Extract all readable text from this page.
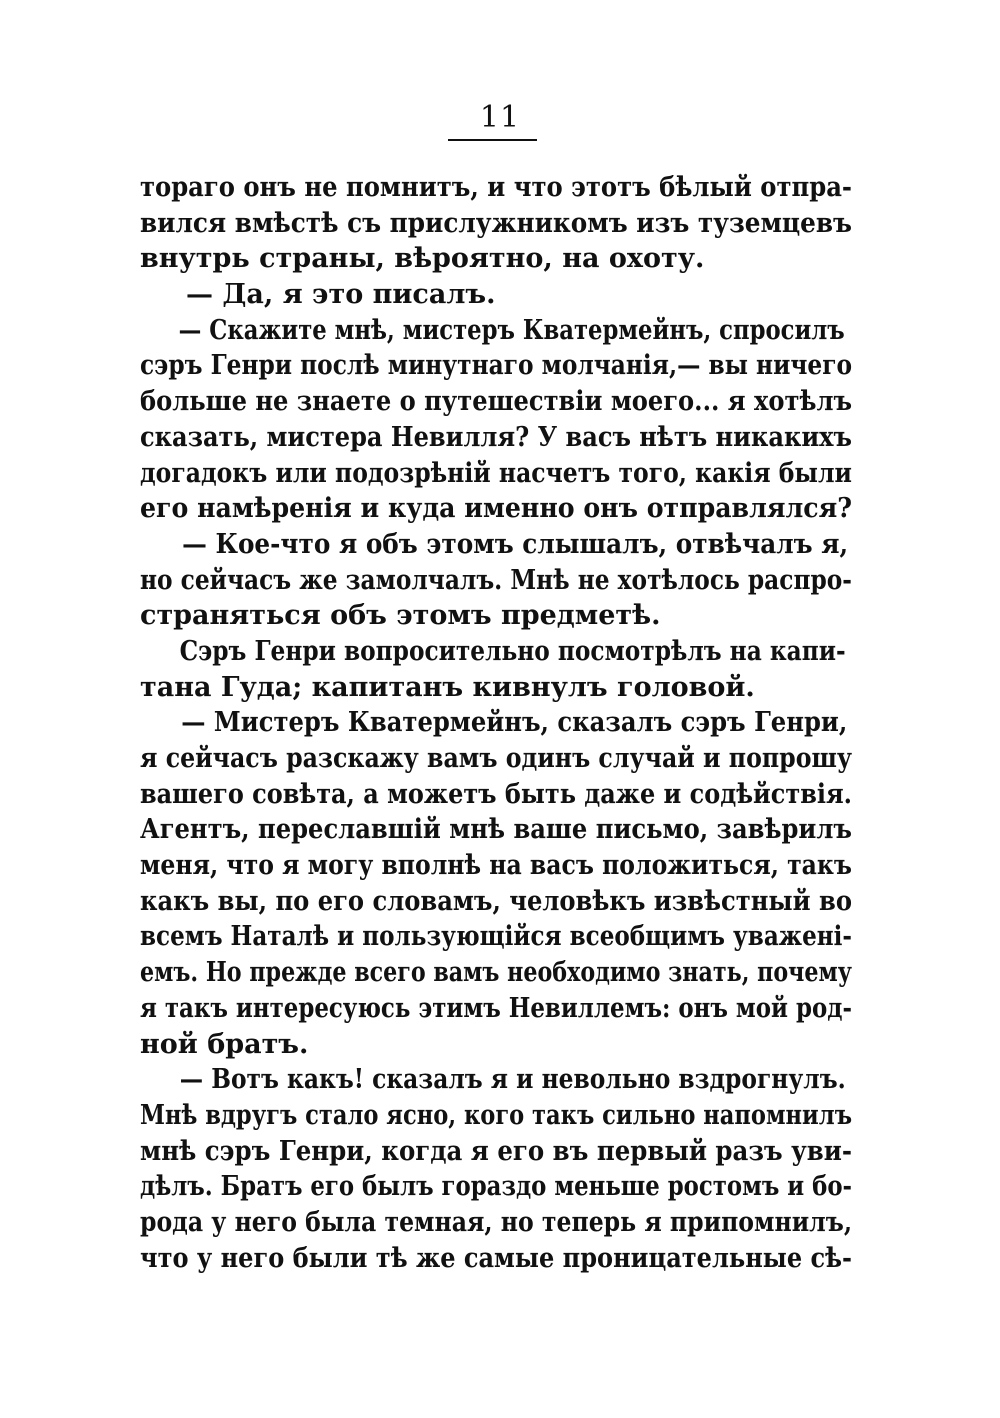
11
тораго онъ не помнитъ, и что этотъ бѣлый отпра-
вился вмѣстѣ съ прислужникомъ изъ туземцевъ
внутрь страны, вѣроятно, на охоту.
— Да, я это писалъ.
— Скажите мнѣ, мистеръ Кватермейнъ, спросилъ
сэръ Генри послѣ минутнаго молчанія,— вы ничего
больше не знаете о путешествіи моего... я хотѣлъ
сказать, мистера Невилля? У васъ нѣтъ никакихъ
догадокъ или подозрѣній насчетъ того, какія были
его намѣренія и куда именно онъ отправлялся?
— Кое-что я объ этомъ слышалъ, отвѣчалъ я,
но сейчасъ же замолчалъ. Мнѣ не хотѣлось распро-
страняться объ этомъ предметѣ.
Сэръ Генри вопросительно посмотрѣлъ на капи-
тана Гуда; капитанъ кивнулъ головой.
— Мистеръ Кватермейнъ, сказалъ сэръ Генри,
я сейчасъ разскажу вамъ одинъ случай и попрошу
вашего совѣта, а можетъ быть даже и содѣйствія.
Агентъ, переславшій мнѣ ваше письмо, завѣрилъ
меня, что я могу вполнѣ на васъ положиться, такъ
какъ вы, по его словамъ, человѣкъ извѣстный во
всемъ Наталѣ и пользующійся всеобщимъ уваженi-
емъ. Но прежде всего вамъ необходимо знать, почему
я такъ интересуюсь этимъ Невиллемъ: онъ мой род-
ной братъ.
— Вотъ какъ! сказалъ я и невольно вздрогнулъ.
Мнѣ вдругъ стало ясно, кого такъ сильно напомнилъ
мнѣ сэръ Генри, когда я его въ первый разъ уви-
дѣлъ. Братъ его былъ гораздо меньше ростомъ и бо-
рода у него была темная, но теперь я припомнилъ,
что у него были тѣ же самые проницательные сѣ-
